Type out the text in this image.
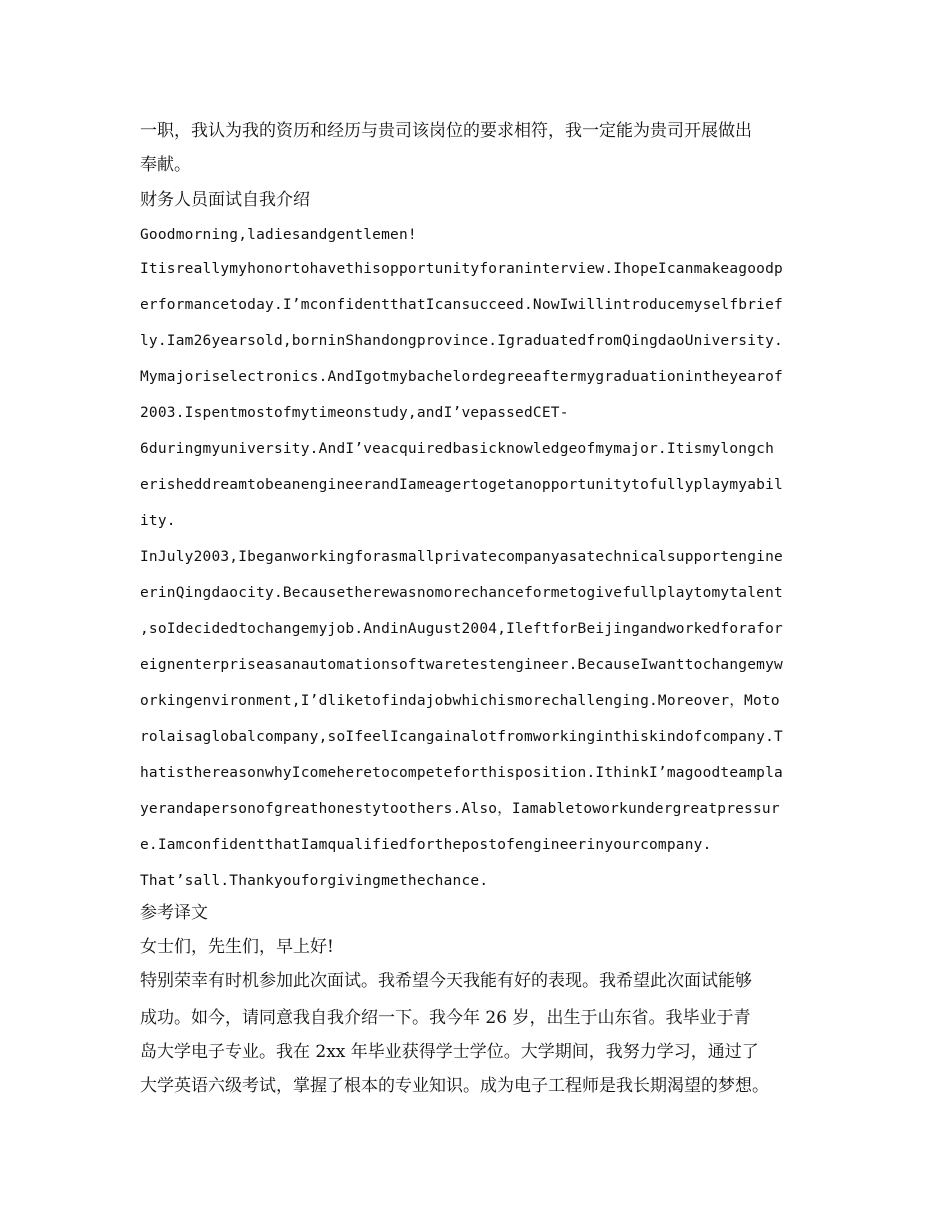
一职，我认为我的资历和经历与贵司该岗位的要求相符，我一定能为贵司开展做出
奉献。
财务人员面试自我介绍
Goodmorning,ladiesandgentlemen!
Itisreallymyhonortohavethisopportunityforaninterview.IhopeIcanmakeagoodp
erformancetoday.I’mconfidentthatIcansucceed.NowIwillintroducemyselfbrief
ly.Iam26yearsold,borninShandongprovince.IgraduatedfromQingdaoUniversity.
Mymajoriselectronics.AndIgotmybachelordegreeaftermygraduationintheyearof
2003.Ispentmostofmytimeonstudy,andI’vepassedCET-
6duringmyuniversity.AndI’veacquiredbasicknowledgeofmymajor.Itismylongch
erisheddreamtobeanengineerandIameagertogetanopportunitytofullyplaymyabil
ity.
InJuly2003,Ibeganworkingforasmallprivatecompanyasatechnicalsupportengine
erinQingdaocity.Becausetherewasnomorechanceformetogivefullplaytomytalent
,soIdecidedtochangemyjob.AndinAugust2004,IleftforBeijingandworkedforafor
eignenterpriseasanautomationsoftwaretestengineer.BecauseIwanttochangemyw
orkingenvironment,I’dliketofindajobwhichismorechallenging.Moreover，Moto
rolaisaglobalcompany,soIfeelIcangainalotfromworkinginthiskindofcompany.T
hatisthereasonwhyIcomeheretocompeteforthisposition.IthinkI’magoodteampla
yerandapersonofgreathonestytoothers.Also，Iamabletoworkundergreatpressur
e.IamconfidentthatIamqualifiedforthepostofengineerinyourcompany.
That’sall.Thankyouforgivingmethechance.
参考译文
女士们，先生们，早上好!
特别荣幸有时机参加此次面试。我希望今天我能有好的表现。我希望此次面试能够
成功。如今，请同意我自我介绍一下。我今年 26 岁，出生于山东省。我毕业于青
岛大学电子专业。我在 2xx 年毕业获得学士学位。大学期间，我努力学习，通过了
大学英语六级考试，掌握了根本的专业知识。成为电子工程师是我长期渴望的梦想。
